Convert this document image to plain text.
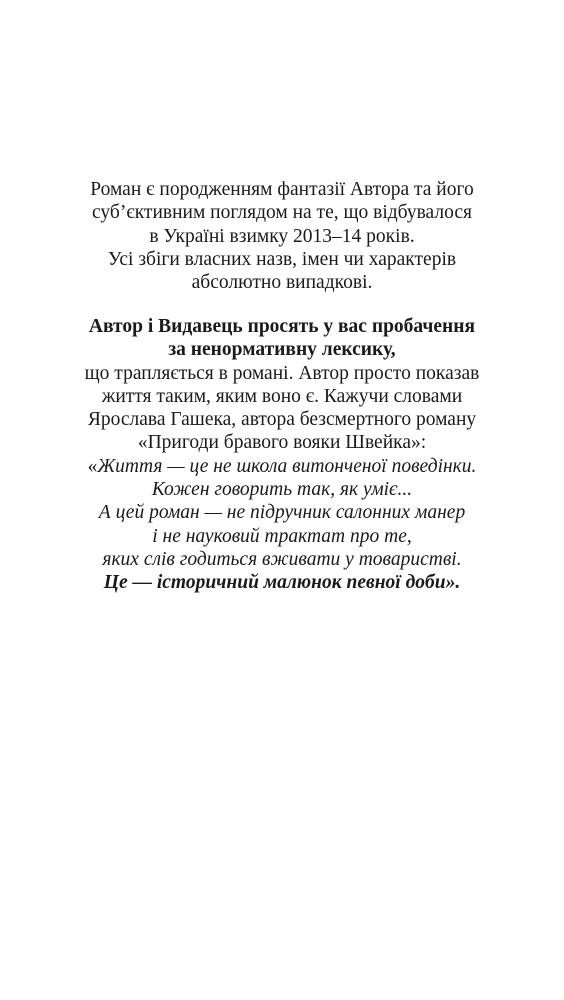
Роман є породженням фантазії Автора та його
суб’єктивним поглядом на те, що відбувалося
в Україні взимку 2013–14 років.
Усі збіги власних назв, імен чи характерів
абсолютно випадкові.
Автор і Видавець просять у вас пробачення
за ненормативну лексику,
що трапляється в романі. Автор просто показав
життя таким, яким воно є. Кажучи словами
Ярослава Гашека, автора безсмертного роману
«Пригоди бравого вояки Швейка»:
«Життя — це не школа витонченої поведінки.
Кожен говорить так, як уміє...
А цей роман — не підручник салонних манер
і не науковий трактат про те,
яких слів годиться вживати у товаристві.
Це — історичний малюнок певної доби».
